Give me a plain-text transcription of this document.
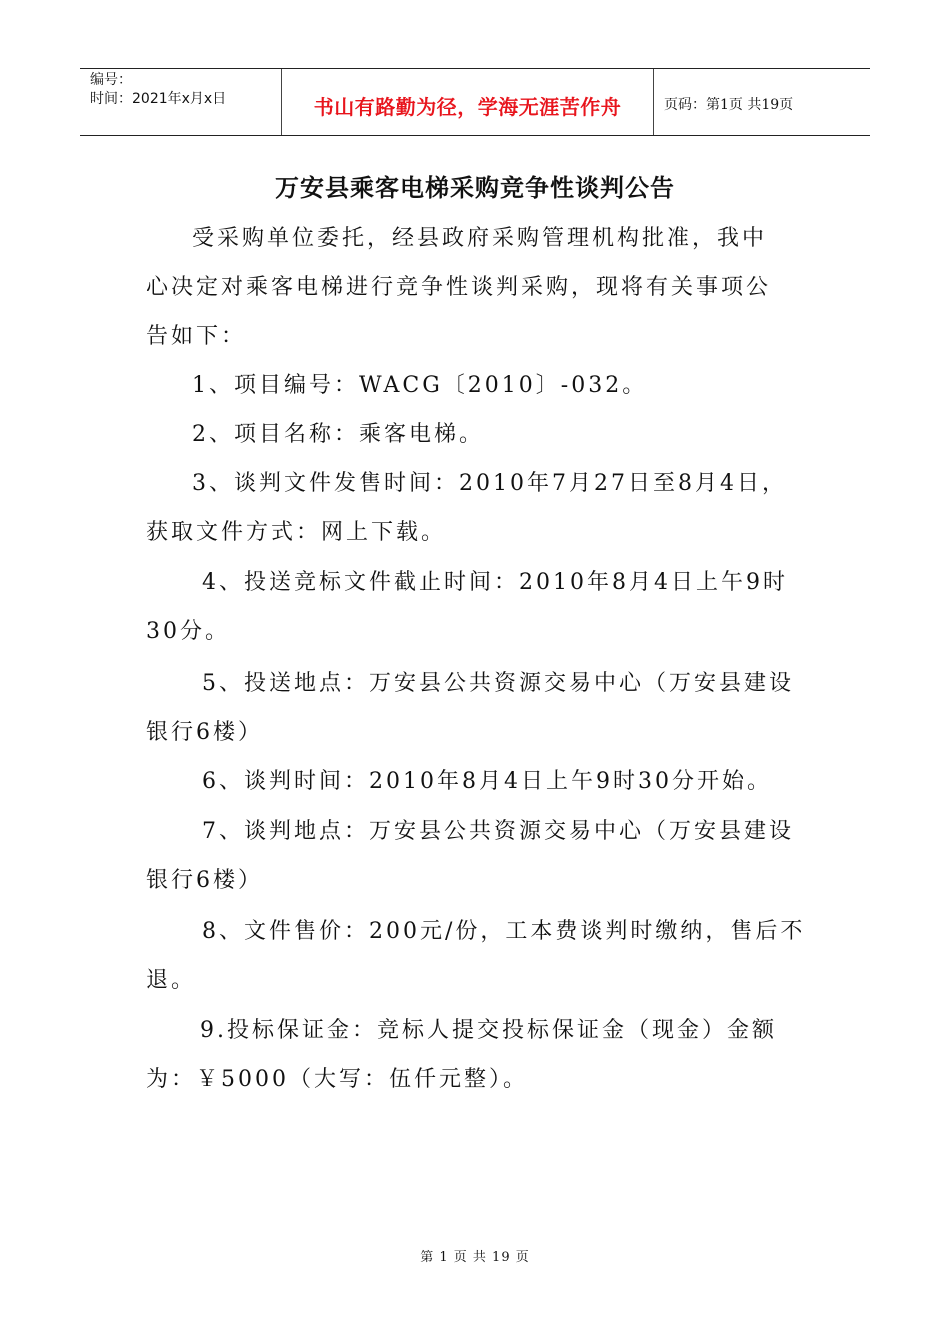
编号：
时间：2021年x月x日	书山有路勤为径，学海无涯苦作舟	页码：第1页 共19页
万安县乘客电梯采购竞争性谈判公告
受采购单位委托，经县政府采购管理机构批准，我中
心决定对乘客电梯进行竞争性谈判采购，现将有关事项公
告如下：
1、项目编号：WACG〔2010〕-032。
2、项目名称：乘客电梯。
3、谈判文件发售时间：2010年7月27日至8月4日，
获取文件方式：网上下载。
4、投送竞标文件截止时间：2010年8月4日上午9时
30分。
5、投送地点：万安县公共资源交易中心（万安县建设
银行6楼）
6、谈判时间：2010年8月4日上午9时30分开始。
7、谈判地点：万安县公共资源交易中心（万安县建设
银行6楼）
8、文件售价：200元/份，工本费谈判时缴纳，售后不
退。
9.投标保证金：竞标人提交投标保证金（现金）金额
为：￥5000（大写：伍仟元整）。
第 1 页 共 19 页
